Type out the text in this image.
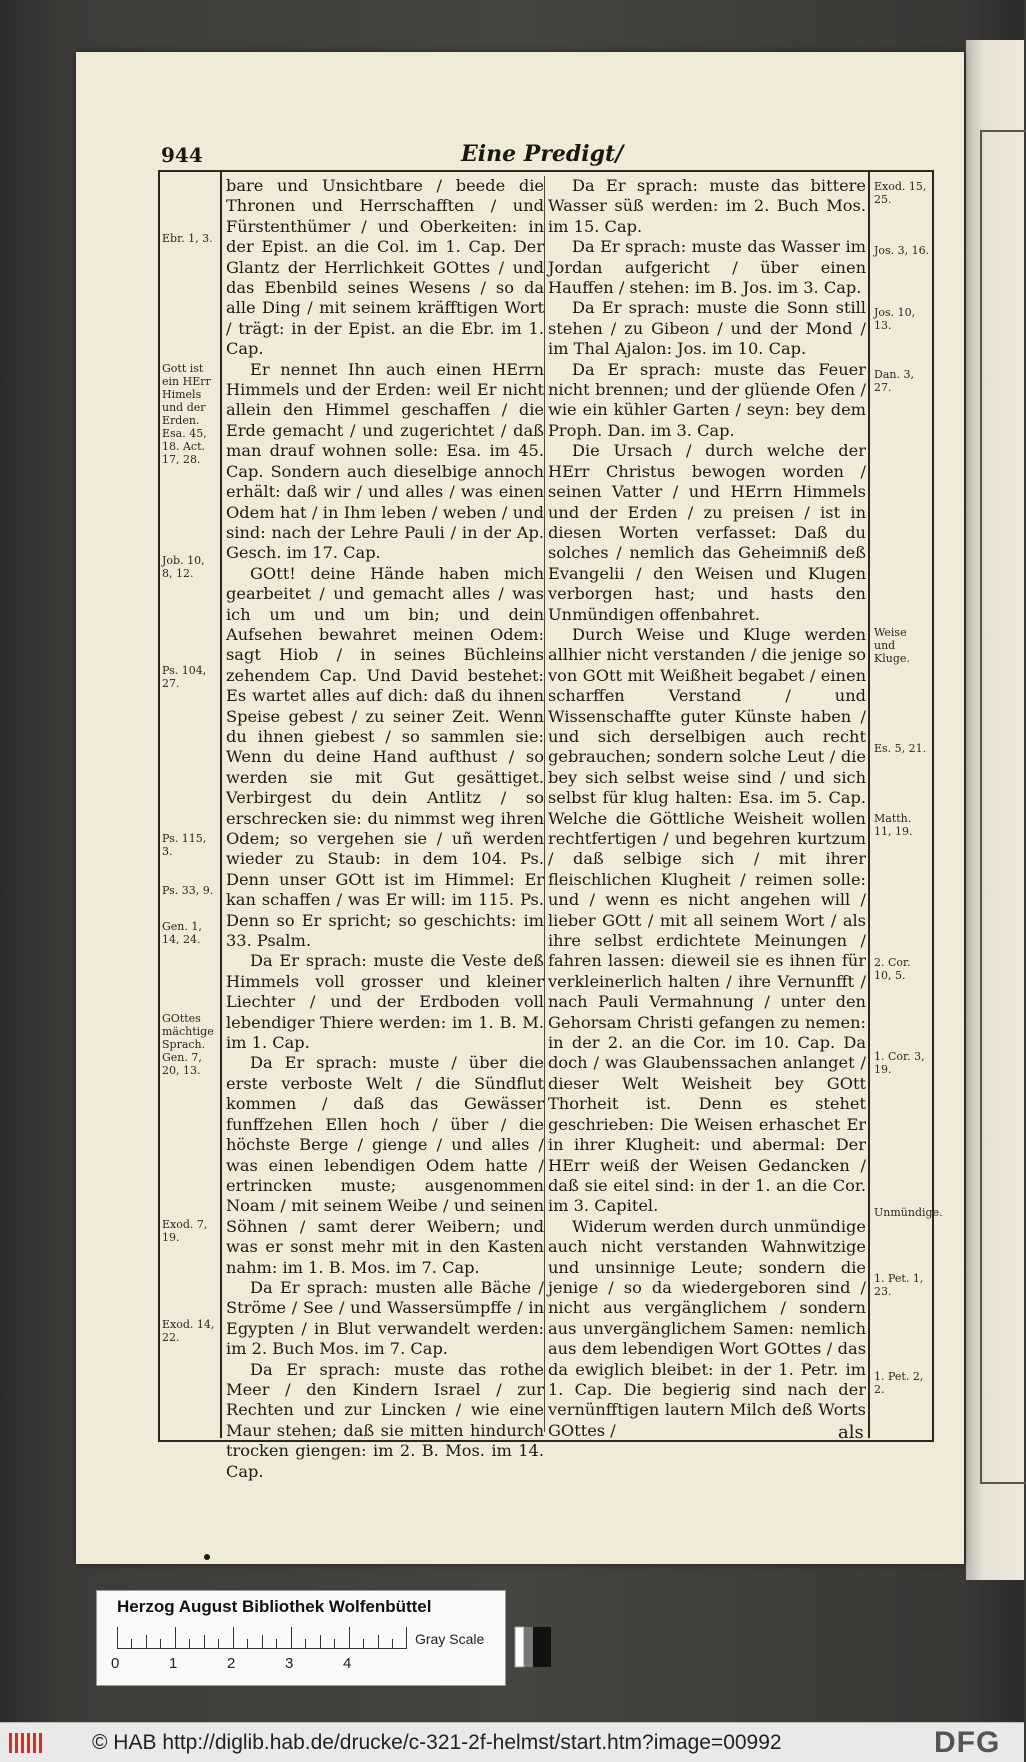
944	Eine Predigt/

bare und Unsichtbare / beede die Thronen und Herrschafften / und Fürstenthümer / und Oberkeiten: in der Epist. an die Col. im 1. Cap. Der Glantz der Herrlichkeit GOttes / und das Ebenbild seines Wesens / so da alle Ding / mit seinem kräfftigen Wort / trägt: in der Epist. an die Ebr. im 1. Cap.

Er nennet Ihn auch einen HErrn Himmels und der Erden: weil Er nicht allein den Himmel geschaffen / die Erde gemacht / und zugerichtet / daß man drauf wohnen solle: Esa. im 45. Cap. Sondern auch dieselbige annoch erhält: daß wir / und alles / was einen Odem hat / in Ihm leben / weben / und sind: nach der Lehre Pauli / in der Ap. Gesch. im 17. Cap.

GOtt! deine Hände haben mich gearbeitet / und gemacht alles / was ich um und um bin; und dein Aufsehen bewahret meinen Odem: sagt Hiob / in seines Büchleins zehendem Cap. Und David bestehet: Es wartet alles auf dich: daß du ihnen Speise gebest / zu seiner Zeit. Wenn du ihnen giebest / so sammlen sie: Wenn du deine Hand aufthust / so werden sie mit Gut gesättiget. Verbirgest du dein Antlitz / so erschrecken sie: du nimmst weg ihren Odem; so vergehen sie / uñ werden wieder zu Staub: in dem 104. Ps. Denn unser GOtt ist im Himmel: Er kan schaffen / was Er will: im 115. Ps. Denn so Er spricht; so geschichts: im 33. Psalm.

Da Er sprach: muste die Veste deß Himmels voll grosser und kleiner Liechter / und der Erdboden voll lebendiger Thiere werden: im 1. B. M. im 1. Cap.

Da Er sprach: muste / über die erste verboste Welt / die Sündflut kommen / daß das Gewässer funffzehen Ellen hoch / über / die höchste Berge / gienge / und alles / was einen lebendigen Odem hatte / ertrincken muste; ausgenommen Noam / mit seinem Weibe / und seinen Söhnen / samt derer Weibern; und was er sonst mehr mit in den Kasten nahm: im 1. B. Mos. im 7. Cap.

Da Er sprach: musten alle Bäche / Ströme / See / und Wassersümpffe / in Egypten / in Blut verwandelt werden: im 2. Buch Mos. im 7. Cap.

Da Er sprach: muste das rothe Meer / den Kindern Israel / zur Rechten und zur Lincken / wie eine Maur stehen; daß sie mitten hindurch trocken giengen: im 2. B. Mos. im 14. Cap.

Da Er sprach: muste das bittere Wasser süß werden: im 2. Buch Mos. im 15. Cap.

Da Er sprach: muste das Wasser im Jordan aufgericht / über einen Hauffen / stehen: im B. Jos. im 3. Cap.

Da Er sprach: muste die Sonn still stehen / zu Gibeon / und der Mond / im Thal Ajalon: Jos. im 10. Cap.

Da Er sprach: muste das Feuer nicht brennen; und der glüende Ofen / wie ein kühler Garten / seyn: bey dem Proph. Dan. im 3. Cap.

Die Ursach / durch welche der HErr Christus bewogen worden / seinen Vatter / und HErrn Himmels und der Erden / zu preisen / ist in diesen Worten verfasset: Daß du solches / nemlich das Geheimniß deß Evangelii / den Weisen und Klugen verborgen hast; und hasts den Unmündigen offenbahret.

Durch Weise und Kluge werden allhier nicht verstanden / die jenige so von GOtt mit Weißheit begabet / einen scharffen Verstand / und Wissenschaffte guter Künste haben / und sich derselbigen auch recht gebrauchen; sondern solche Leut / die bey sich selbst weise sind / und sich selbst für klug halten: Esa. im 5. Cap. Welche die Göttliche Weisheit wollen rechtfertigen / und begehren kurtzum / daß selbige sich / mit ihrer fleischlichen Klugheit / reimen solle: und / wenn es nicht angehen will / lieber GOtt / mit all seinem Wort / als ihre selbst erdichtete Meinungen / fahren lassen: dieweil sie es ihnen für verkleinerlich halten / ihre Vernunfft / nach Pauli Vermahnung / unter den Gehorsam Christi gefangen zu nemen: in der 2. an die Cor. im 10. Cap. Da doch / was Glaubenssachen anlanget / dieser Welt Weisheit bey GOtt Thorheit ist. Denn es stehet geschrieben: Die Weisen erhaschet Er in ihrer Klugheit: und abermal: Der HErr weiß der Weisen Gedancken / daß sie eitel sind: in der 1. an die Cor. im 3. Capitel.

Widerum werden durch unmündige auch nicht verstanden Wahnwitzige und unsinnige Leute; sondern die jenige / so da wiedergeboren sind / nicht aus vergänglichem / sondern aus unvergänglichem Samen: nemlich aus dem lebendigen Wort GOttes / das da ewiglich bleibet: in der 1. Petr. im 1. Cap. Die begierig sind nach der vernünfftigen lautern Milch deß Worts GOttes /

Ebr. 1, 3.
Gott ist ein HErr Himels und der Erden. Esa. 45, 18. Act. 17, 28.
Job. 10, 8, 12.
Ps. 104, 27.
Ps. 115, 3.
Ps. 33, 9.
Gen. 1, 14, 24.
GOttes mächtige Sprach. Gen. 7, 20, 13.
Exod. 7, 19.
Exod. 14, 22.
Exod. 15, 25.
Jos. 3, 16.
Jos. 10, 13.
Dan. 3, 27.
Weise und Kluge.
Es. 5, 21.
Matth. 11, 19.
2. Cor. 10, 5.
1. Cor. 3, 19.
Unmündige.
1. Pet. 1, 23.
1. Pet. 2, 2.
als
Herzog August Bibliothek Wolfenbüttel
Gray Scale
0	1	2	3	4
© HAB http://diglib.hab.de/drucke/c-321-2f-helmst/start.htm?image=00992	DFG
